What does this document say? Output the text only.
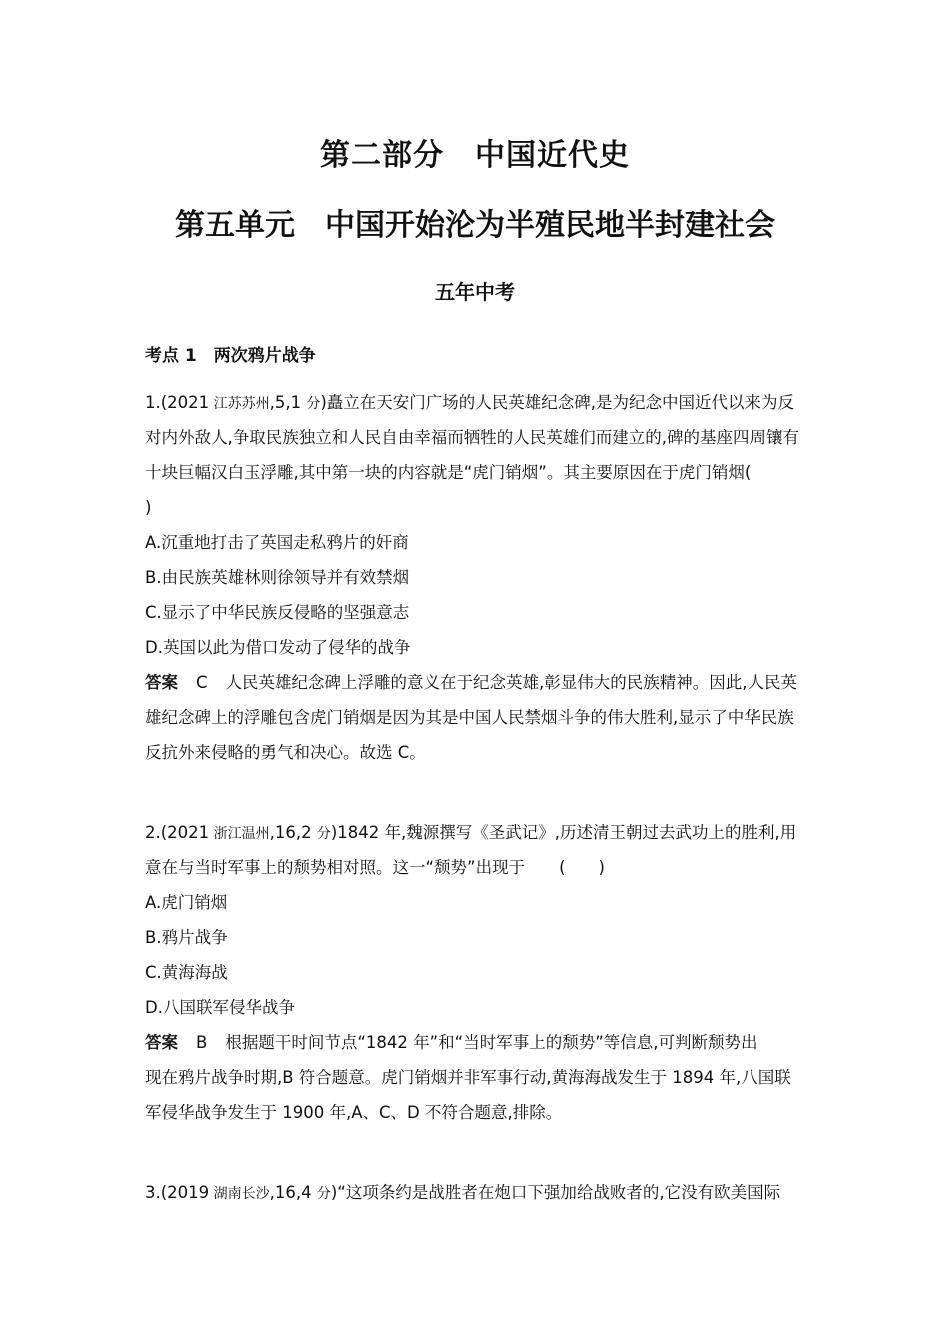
第二部分　中国近代史
第五单元　中国开始沦为半殖民地半封建社会
五年中考
考点 1　两次鸦片战争
1.(2021 江苏苏州,5,1 分)矗立在天安门广场的人民英雄纪念碑,是为纪念中国近代以来为反
对内外敌人,争取民族独立和人民自由幸福而牺牲的人民英雄们而建立的,碑的基座四周镶有
十块巨幅汉白玉浮雕,其中第一块的内容就是“虎门销烟”。其主要原因在于虎门销烟(
)
A.沉重地打击了英国走私鸦片的奸商
B.由民族英雄林则徐领导并有效禁烟
C.显示了中华民族反侵略的坚强意志
D.英国以此为借口发动了侵华的战争
答案 C 人民英雄纪念碑上浮雕的意义在于纪念英雄,彰显伟大的民族精神。因此,人民英
雄纪念碑上的浮雕包含虎门销烟是因为其是中国人民禁烟斗争的伟大胜利,显示了中华民族
反抗外来侵略的勇气和决心。故选 C。
2.(2021 浙江温州,16,2 分)1842 年,魏源撰写《圣武记》,历述清王朝过去武功上的胜利,用
意在与当时军事上的颓势相对照。这一“颓势”出现于 (　　)
A.虎门销烟
B.鸦片战争
C.黄海海战
D.八国联军侵华战争
答案 B 根据题干时间节点“1842 年”和“当时军事上的颓势”等信息,可判断颓势出
现在鸦片战争时期,B 符合题意。虎门销烟并非军事行动,黄海海战发生于 1894 年,八国联
军侵华战争发生于 1900 年,A、C、D 不符合题意,排除。
3.(2019 湖南长沙,16,4 分)“这项条约是战胜者在炮口下强加给战败者的,它没有欧美国际
